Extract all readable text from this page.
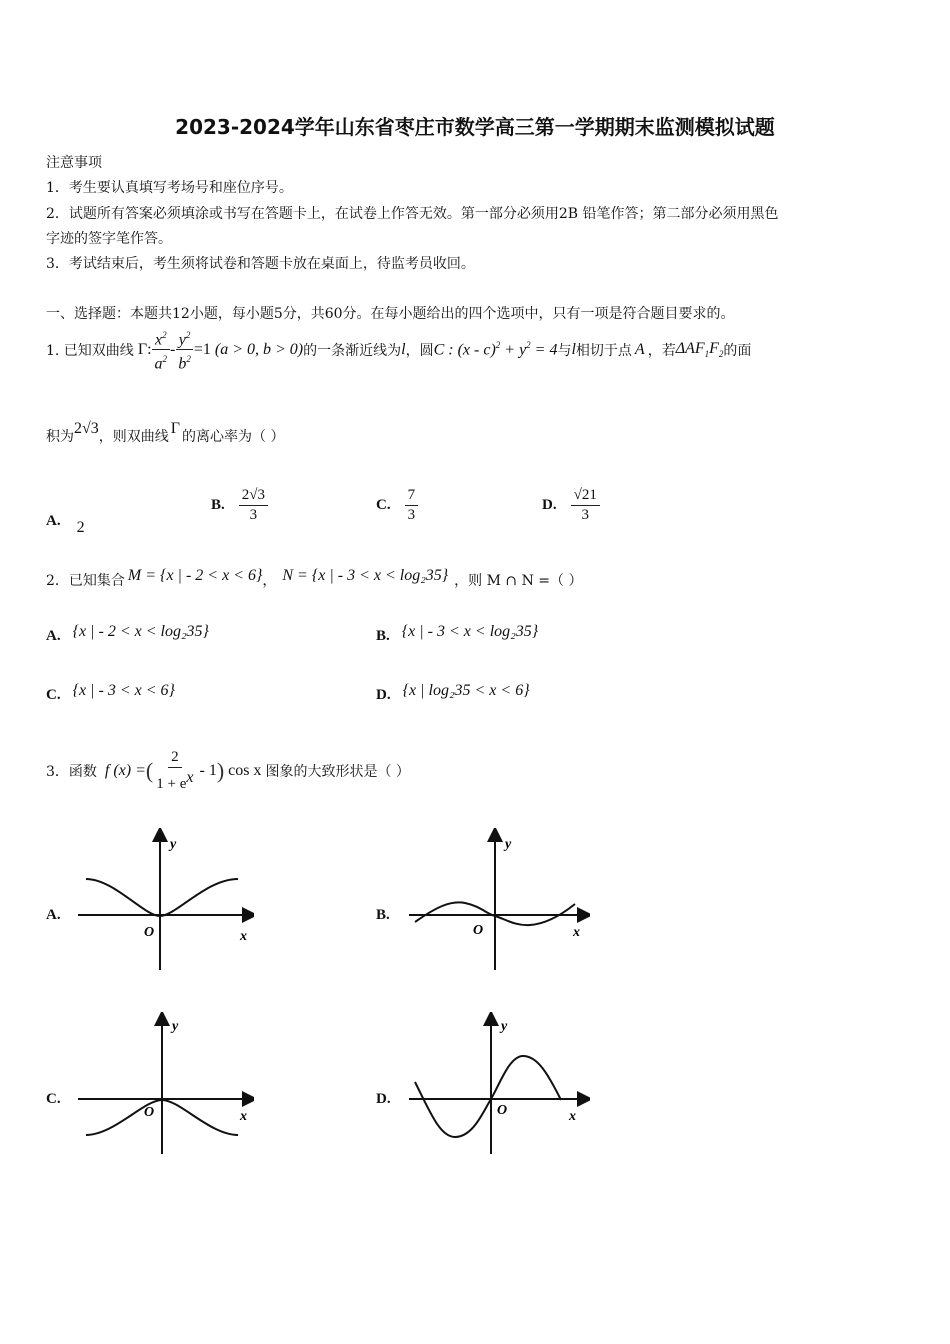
2023-2024学年山东省枣庄市数学高三第一学期期末监测模拟试题
注意事项
1．考生要认真填写考场号和座位序号。
2．试题所有答案必须填涂或书写在答题卡上，在试卷上作答无效。第一部分必须用2B 铅笔作答；第二部分必须用黑色
字迹的签字笔作答。
3．考试结束后，考生须将试卷和答题卡放在桌面上，待监考员收回。
一、选择题：本题共12小题，每小题5分，共60分。在每小题给出的四个选项中，只有一项是符合题目要求的。
1. 已知双曲线 Γ : $\frac{x^2}{a^2} - \frac{y^2}{b^2} =1$ (a > 0, b > 0) 的一条渐近线为 l ，圆 C : $(x - c)^2 + y^2 = 4$ 与 l 相切于点 A ，若 $\Delta AF_1F_2$ 的面
积为 2√3 ，则双曲线 Γ 的离心率为（ ）
A. 2
B. $\frac{2√3}{3}$	C. $\frac{7}{3}$	D. $\frac{√21}{3}$
2．已知集合 M = {x | - 2 < x < 6} ， N = {x | - 3 < x < log₂35} ，则 M ∩ N =（ ）
A. {x | - 2 < x < log₂35}	B. {x | - 3 < x < log₂35}
C. {x | - 3 < x < 6}	D. {x | log₂35 < x < 6}
3．函数 f (x) = ( $\frac{2}{1 + e^x} - 1$ ) cos x 图象的大致形状是（ ）
A.
y
x
O
B.
y
x
O
C.
y
x
O
D.
y
x
O
